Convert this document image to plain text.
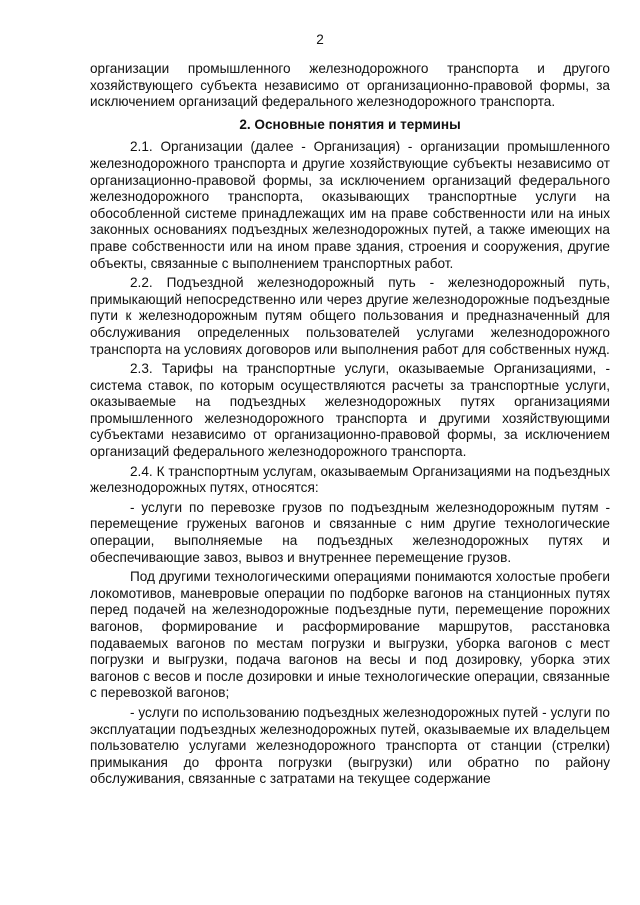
2

организации промышленного железнодорожного транспорта и другого хозяйствующего субъекта независимо от организационно-правовой формы, за исключением организаций федерального железнодорожного транспорта.

2. Основные понятия и термины

2.1. Организации (далее - Организация) - организации промышленного железнодорожного транспорта и другие хозяйствующие субъекты независимо от организационно-правовой формы, за исключением организаций федерального железнодорожного транспорта, оказывающих транспортные услуги на обособленной системе принадлежащих им на праве собственности или на иных законных основаниях подъездных железнодорожных путей, а также имеющих на праве собственности или на ином праве здания, строения и сооружения, другие объекты, связанные с выполнением транспортных работ.

2.2. Подъездной железнодорожный путь - железнодорожный путь, примыкающий непосредственно или через другие железнодорожные подъездные пути к железнодорожным путям общего пользования и предназначенный для обслуживания определенных пользователей услугами железнодорожного транспорта на условиях договоров или выполнения работ для собственных нужд.

2.3. Тарифы на транспортные услуги, оказываемые Организациями, - система ставок, по которым осуществляются расчеты за транспортные услуги, оказываемые на подъездных железнодорожных путях организациями промышленного железнодорожного транспорта и другими хозяйствующими субъектами независимо от организационно-правовой формы, за исключением организаций федерального железнодорожного транспорта.

2.4. К транспортным услугам, оказываемым Организациями на подъездных железнодорожных путях, относятся:

- услуги по перевозке грузов по подъездным железнодорожным путям - перемещение груженых вагонов и связанные с ним другие технологические операции, выполняемые на подъездных железнодорожных путях и обеспечивающие завоз, вывоз и внутреннее перемещение грузов.

Под другими технологическими операциями понимаются холостые пробеги локомотивов, маневровые операции по подборке вагонов на станционных путях перед подачей на железнодорожные подъездные пути, перемещение порожних вагонов, формирование и расформирование маршрутов, расстановка подаваемых вагонов по местам погрузки и выгрузки, уборка вагонов с мест погрузки и выгрузки, подача вагонов на весы и под дозировку, уборка этих вагонов с весов и после дозировки и иные технологические операции, связанные с перевозкой вагонов;

- услуги по использованию подъездных железнодорожных путей - услуги по эксплуатации подъездных железнодорожных путей, оказываемые их владельцем пользователю услугами железнодорожного транспорта от станции (стрелки) примыкания до фронта погрузки (выгрузки) или обратно по району обслуживания, связанные с затратами на текущее содержание
